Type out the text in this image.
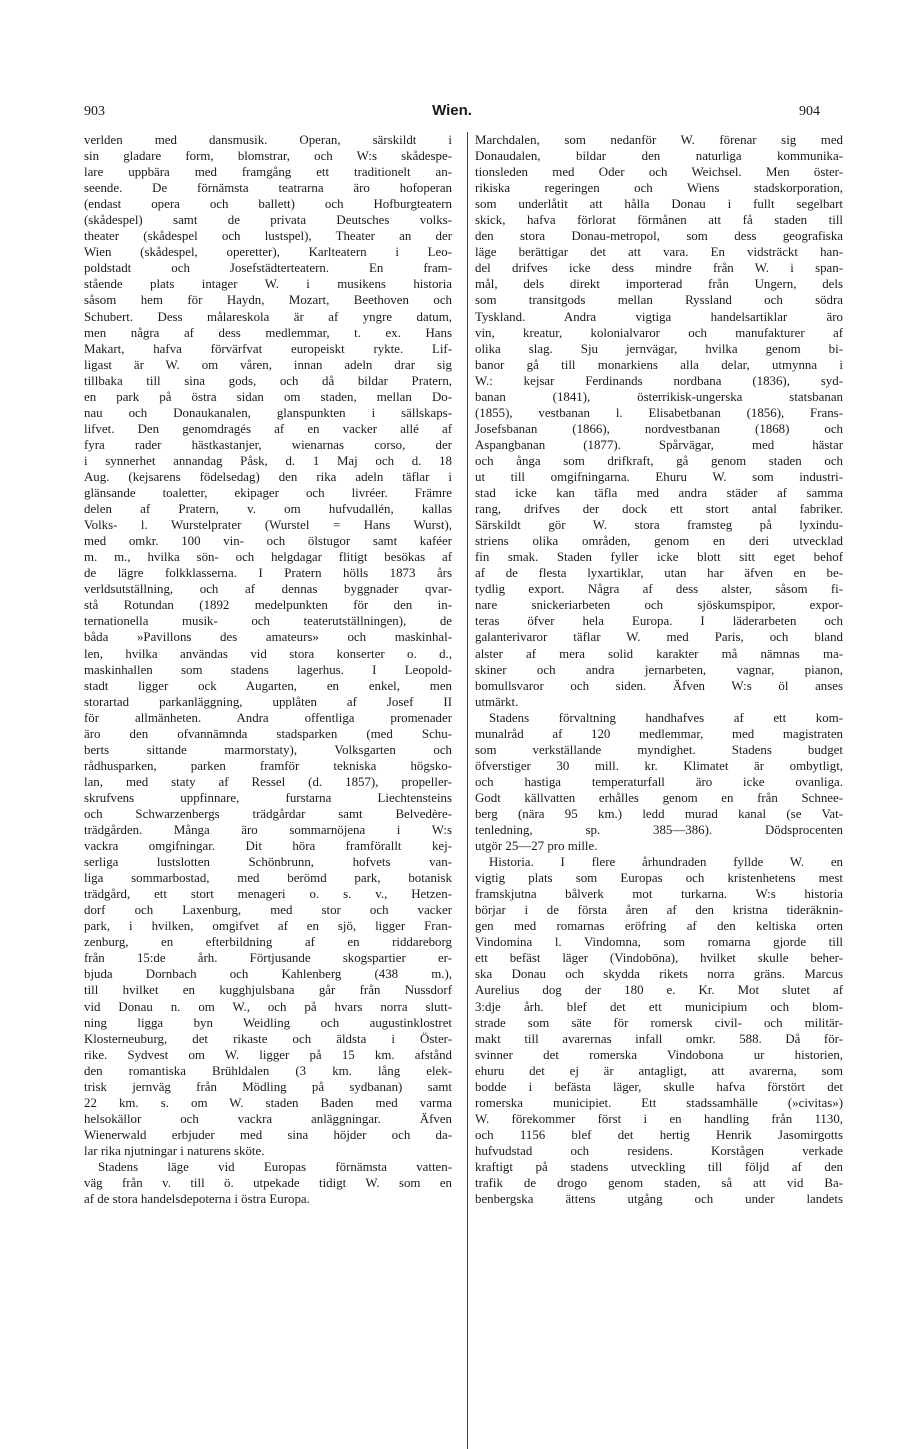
903	Wien.	904

verlden med dansmusik. Operan, särskildt i

sin gladare form, blomstrar, och W:s skådespe-

lare uppbära med framgång ett traditionelt an-

seende. De förnämsta teatrarna äro hofoperan

(endast opera och ballett) och Hofburgteatern

(skådespel) samt de privata Deutsches volks-

theater (skådespel och lustspel), Theater an der

Wien (skådespel, operetter), Karlteatern i Leo-

poldstadt och Josefstädterteatern. En fram-

stående plats intager W. i musikens historia

såsom hem för Haydn, Mozart, Beethoven och

Schubert. Dess målareskola är af yngre datum,

men några af dess medlemmar, t. ex. Hans

Makart, hafva förvärfvat europeiskt rykte. Lif-

ligast är W. om våren, innan adeln drar sig

tillbaka till sina gods, och då bildar Pratern,

en park på östra sidan om staden, mellan Do-

nau och Donaukanalen, glanspunkten i sällskaps-

lifvet. Den genomdragés af en vacker allé af

fyra rader hästkastanjer, wienarnas corso, der

i synnerhet annandag Påsk, d. 1 Maj och d. 18

Aug. (kejsarens födelsedag) den rika adeln täflar i

glänsande toaletter, ekipager och livréer. Främre

delen af Pratern, v. om hufvudallén, kallas

Volks- l. Wurstelprater (Wurstel = Hans Wurst),

med omkr. 100 vin- och ölstugor samt kaféer

m. m., hvilka sön- och helgdagar flitigt besökas af

de lägre folkklasserna. I Pratern hölls 1873 års

verldsutställning, och af dennas byggnader qvar-

stå Rotundan (1892 medelpunkten för den in-

ternationella musik- och teaterutställningen), de

båda »Pavillons des amateurs» och maskinhal-

len, hvilka användas vid stora konserter o. d.,

maskinhallen som stadens lagerhus. I Leopold-

stadt ligger ock Augarten, en enkel, men

storartad parkanläggning, upplåten af Josef II

för allmänheten. Andra offentliga promenader

äro den ofvannämnda stadsparken (med Schu-

berts sittande marmorstaty), Volksgarten och

rådhusparken, parken framför tekniska högsko-

lan, med staty af Ressel (d. 1857), propeller-

skrufvens uppfinnare, furstarna Liechtensteins

och Schwarzenbergs trädgårdar samt Belvedère-

trädgården. Många äro sommarnöjena i W:s

vackra omgifningar. Dit höra framförallt kej-

serliga lustslotten Schönbrunn, hofvets van-

liga sommarbostad, med berömd park, botanisk

trädgård, ett stort menageri o. s. v., Hetzen-

dorf och Laxenburg, med stor och vacker

park, i hvilken, omgifvet af en sjö, ligger Fran-

zenburg, en efterbildning af en riddareborg

från 15:de årh. Förtjusande skogspartier er-

bjuda Dornbach och Kahlenberg (438 m.),

till hvilket en kugghjulsbana går från Nussdorf

vid Donau n. om W., och på hvars norra slutt-

ning ligga byn Weidling och augustinklostret

Klosterneuburg, det rikaste och äldsta i Öster-

rike. Sydvest om W. ligger på 15 km. afstånd

den romantiska Brühldalen (3 km. lång elek-

trisk jernväg från Mödling på sydbanan) samt

22 km. s. om W. staden Baden med varma

helsokällor och vackra anläggningar. Äfven

Wienerwald erbjuder med sina höjder och da-

lar rika njutningar i naturens sköte.

Stadens läge vid Europas förnämsta vatten-

väg från v. till ö. utpekade tidigt W. som en

af de stora handelsdepoterna i östra Europa.

Marchdalen, som nedanför W. förenar sig med

Donaudalen, bildar den naturliga kommunika-

tionsleden med Oder och Weichsel. Men öster-

rikiska regeringen och Wiens stadskorporation,

som underlåtit att hålla Donau i fullt segelbart

skick, hafva förlorat förmånen att få staden till

den stora Donau-metropol, som dess geografiska

läge berättigar det att vara. En vidsträckt han-

del drifves icke dess mindre från W. i span-

mål, dels direkt importerad från Ungern, dels

som transitgods mellan Ryssland och södra

Tyskland. Andra vigtiga handelsartiklar äro

vin, kreatur, kolonialvaror och manufakturer af

olika slag. Sju jernvägar, hvilka genom bi-

banor gå till monarkiens alla delar, utmynna i

W.: kejsar Ferdinands nordbana (1836), syd-

banan (1841), österrikisk-ungerska statsbanan

(1855), vestbanan l. Elisabetbanan (1856), Frans-

Josefsbanan (1866), nordvestbanan (1868) och

Aspangbanan (1877). Spårvägar, med hästar

och ånga som drifkraft, gå genom staden och

ut till omgifningarna. Ehuru W. som industri-

stad icke kan täfla med andra städer af samma

rang, drifves der dock ett stort antal fabriker.

Särskildt gör W. stora framsteg på lyxindu-

striens olika områden, genom en deri utvecklad

fin smak. Staden fyller icke blott sitt eget behof

af de flesta lyxartiklar, utan har äfven en be-

tydlig export. Några af dess alster, såsom fi-

nare snickeriarbeten och sjöskumspipor, expor-

teras öfver hela Europa. I läderarbeten och

galanterivaror täflar W. med Paris, och bland

alster af mera solid karakter må nämnas ma-

skiner och andra jernarbeten, vagnar, pianon,

bomullsvaror och siden. Äfven W:s öl anses

utmärkt.

Stadens förvaltning handhafves af ett kom-

munalråd af 120 medlemmar, med magistraten

som verkställande myndighet. Stadens budget

öfverstiger 30 mill. kr. Klimatet är ombytligt,

och hastiga temperaturfall äro icke ovanliga.

Godt källvatten erhålles genom en från Schnee-

berg (nära 95 km.) ledd murad kanal (se Vat-

tenledning, sp. 385—386). Dödsprocenten

utgör 25—27 pro mille.

Historia. I flere århundraden fyllde W. en

vigtig plats som Europas och kristenhetens mest

framskjutna bålverk mot turkarna. W:s historia

börjar i de första åren af den kristna tideräknin-

gen med romarnas eröfring af den keltiska orten

Vindomina l. Vindomna, som romarna gjorde till

ett befäst läger (Vindobōna), hvilket skulle beher-

ska Donau och skydda rikets norra gräns. Marcus

Aurelius dog der 180 e. Kr. Mot slutet af

3:dje årh. blef det ett municipium och blom-

strade som säte för romersk civil- och militär-

makt till avarernas infall omkr. 588. Då för-

svinner det romerska Vindobona ur historien,

ehuru det ej är antagligt, att avarerna, som

bodde i befästa läger, skulle hafva förstört det

romerska municipiet. Ett stadssamhälle (»civitas»)

W. förekommer först i en handling från 1130,

och 1156 blef det hertig Henrik Jasomirgotts

hufvudstad och residens. Korstågen verkade

kraftigt på stadens utveckling till följd af den

trafik de drogo genom staden, så att vid Ba-

benbergska ättens utgång och under landets
